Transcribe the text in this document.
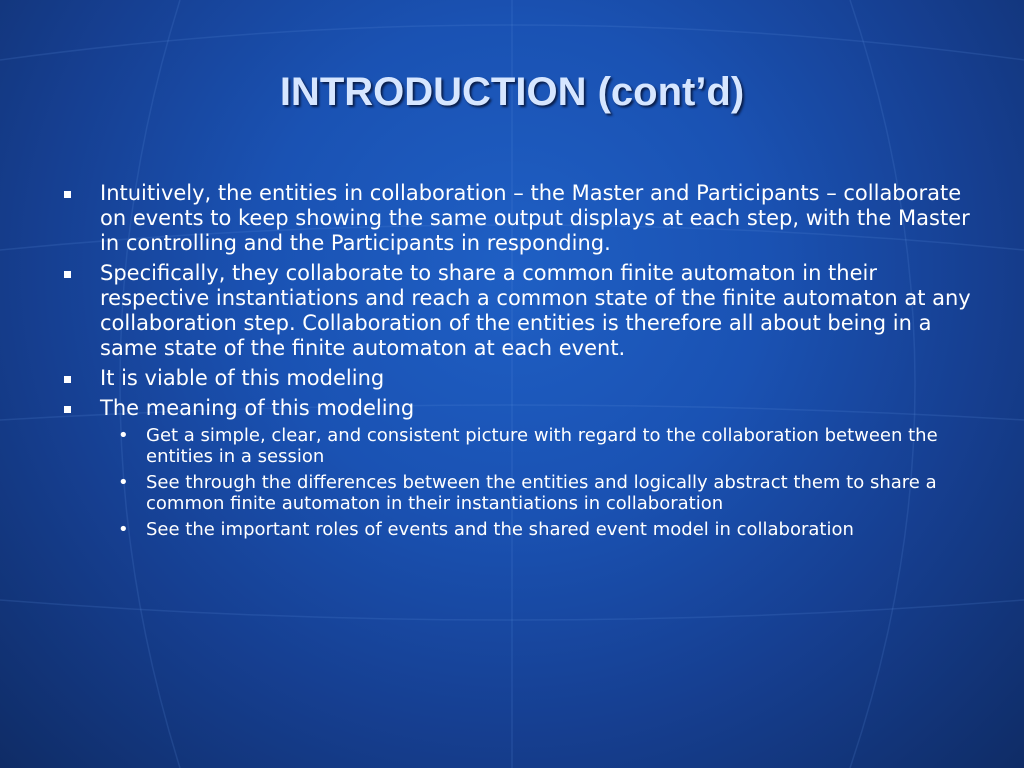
INTRODUCTION (cont’d)
Intuitively, the entities in collaboration – the Master and Participants – collaborate on events to keep showing the same output displays at each step, with the Master in controlling and the Participants in responding.
Specifically, they collaborate to share a common finite automaton in their respective instantiations and reach a common state of the finite automaton at any collaboration step. Collaboration of the entities is therefore all about being in a same state of the finite automaton at each event.
It is viable of this modeling
The meaning of this modeling
• Get a simple, clear, and consistent picture with regard to the collaboration between the entities in a session
• See through the differences between the entities and logically abstract them to share a common finite automaton in their instantiations in collaboration
• See the important roles of events and the shared event model in collaboration
